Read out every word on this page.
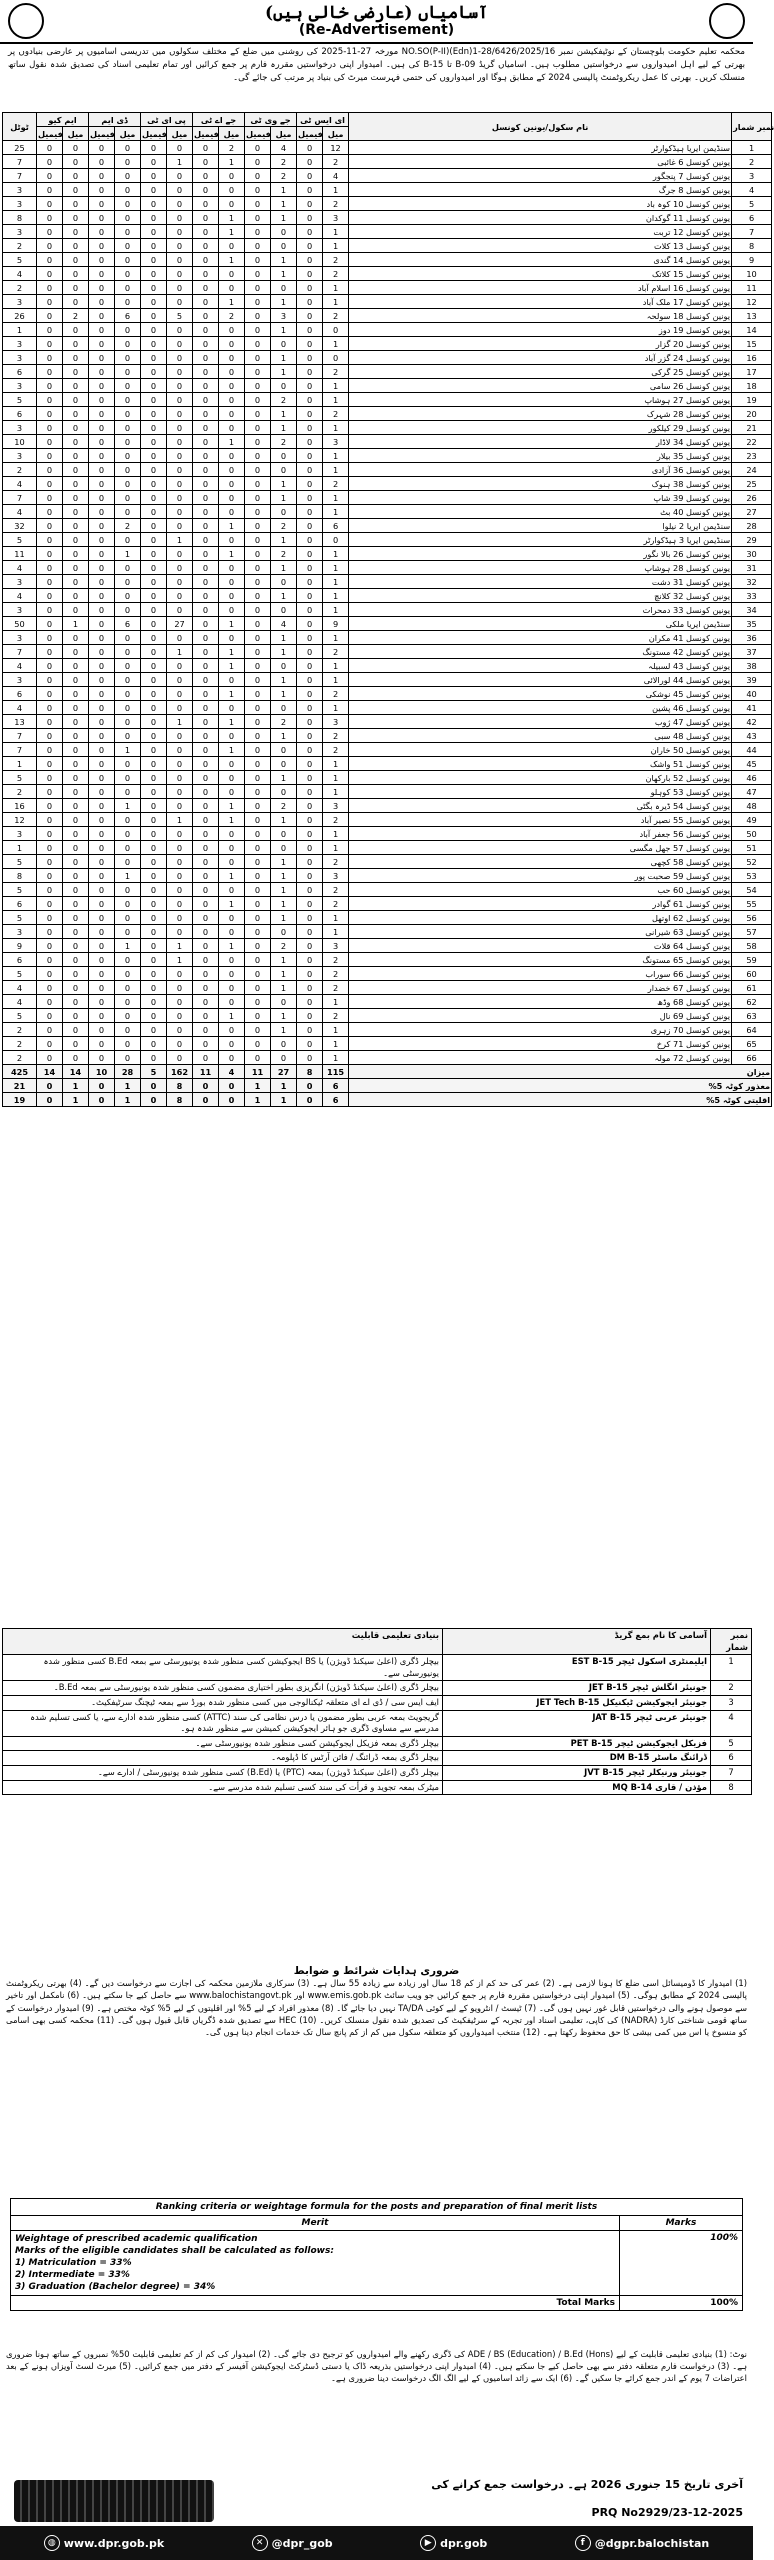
آسامیاں (عارضی خالی ہیں)
(Re-Advertisement)
محکمہ تعلیم حکومت بلوچستان کے نوٹیفکیشن نمبر 28/6426/2025/16-1(Edn)(P-II)NO.SO مورخہ 27-11-2025 کی روشنی میں ضلع کے مختلف سکولوں میں تدریسی اسامیوں پر عارضی بنیادوں پر بھرتی کے لیے اہل امیدواروں سے درخواستیں مطلوب ہیں۔ اسامیاں گریڈ B-09 تا B-15 کی ہیں۔ امیدوار اپنی درخواستیں مقررہ فارم پر جمع کرائیں اور تمام تعلیمی اسناد کی تصدیق شدہ نقول ساتھ منسلک کریں۔ بھرتی کا عمل ریکروٹمنٹ پالیسی 2024 کے مطابق ہوگا اور امیدواروں کی حتمی فہرست میرٹ کی بنیاد پر مرتب کی جائے گی۔
ٹوٹل	ایم کیو		ڈی ایم		پی ای ٹی		جے اے ٹی		جے وی ٹی		ای ایس ٹی		نام سکول/یونین کونسل	نمبر شمار
	فیمیل	میل	فیمیل	میل	فیمیل	میل	فیمیل	میل	فیمیل	میل	فیمیل	میل		
25	0	0	0	0	0	0	0	2	0	4	0	12	سنڈیمن ایریا ہیڈکوارٹر	1
7	0	0	0	0	0	1	0	1	0	2	0	2	یونین کونسل 6 غائبی	2
7	0	0	0	0	0	0	0	0	0	2	0	4	یونین کونسل 7 پنجگور	3
3	0	0	0	0	0	0	0	0	0	1	0	1	یونین کونسل 8 جرگ	4
3	0	0	0	0	0	0	0	0	0	1	0	2	یونین کونسل 10 کوہ باد	5
8	0	0	0	0	0	0	0	1	0	1	0	3	یونین کونسل 11 گوکدان	6
3	0	0	0	0	0	0	0	1	0	0	0	1	یونین کونسل 12 تربت	7
2	0	0	0	0	0	0	0	0	0	0	0	1	یونین کونسل 13 کلات	8
5	0	0	0	0	0	0	0	1	0	1	0	2	یونین کونسل 14 گندی	9
4	0	0	0	0	0	0	0	0	0	1	0	2	یونین کونسل 15 کلاتک	10
2	0	0	0	0	0	0	0	0	0	0	0	1	یونین کونسل 16 اسلام آباد	11
3	0	0	0	0	0	0	0	1	0	1	0	1	یونین کونسل 17 ملک آباد	12
26	0	2	0	6	0	5	0	2	0	3	0	2	یونین کونسل 18 سولحہ	13
1	0	0	0	0	0	0	0	0	0	1	0	0	یونین کونسل 19 دوز	14
3	0	0	0	0	0	0	0	0	0	0	0	1	یونین کونسل 20 گزار	15
3	0	0	0	0	0	0	0	0	0	1	0	0	یونین کونسل 24 گزر آباد	16
6	0	0	0	0	0	0	0	0	0	1	0	2	یونین کونسل 25 گرکی	17
3	0	0	0	0	0	0	0	0	0	0	0	1	یونین کونسل 26 سامی	18
5	0	0	0	0	0	0	0	0	0	2	0	1	یونین کونسل 27 ہوشاپ	19
6	0	0	0	0	0	0	0	0	0	1	0	2	یونین کونسل 28 شہرک	20
3	0	0	0	0	0	0	0	0	0	1	0	1	یونین کونسل 29 کیلکور	21
10	0	0	0	0	0	0	0	1	0	2	0	3	یونین کونسل 34 لاڈار	22
3	0	0	0	0	0	0	0	0	0	0	0	1	یونین کونسل 35 بیلار	23
2	0	0	0	0	0	0	0	0	0	0	0	1	یونین کونسل 36 آزادی	24
4	0	0	0	0	0	0	0	0	0	1	0	2	یونین کونسل 38 ہنوک	25
7	0	0	0	0	0	0	0	0	0	1	0	1	یونین کونسل 39 شاپ	26
4	0	0	0	0	0	0	0	0	0	0	0	1	یونین کونسل 40 بٹ	27
32	0	0	0	2	0	0	0	1	0	2	0	6	سنڈیمن ایریا 2 نیلوا	28
5	0	0	0	0	0	1	0	0	0	1	0	0	سنڈیمن ایریا 3 ہیڈکوارٹر	29
11	0	0	0	1	0	0	0	1	0	2	0	1	یونین کونسل 26 بالا نگور	30
4	0	0	0	0	0	0	0	0	0	1	0	1	یونین کونسل 28 ہوشاپ	31
3	0	0	0	0	0	0	0	0	0	0	0	1	یونین کونسل 31 دشت	32
4	0	0	0	0	0	0	0	0	0	1	0	1	یونین کونسل 32 کلانچ	33
3	0	0	0	0	0	0	0	0	0	0	0	1	یونین کونسل 33 دمحرات	34
50	0	1	0	6	0	27	0	1	0	4	0	9	سنڈیمن ایریا ملکی	35
3	0	0	0	0	0	0	0	0	0	1	0	1	یونین کونسل 41 مکران	36
7	0	0	0	0	0	1	0	1	0	1	0	2	یونین کونسل 42 مستونگ	37
4	0	0	0	0	0	0	0	1	0	0	0	1	یونین کونسل 43 لسبیلہ	38
3	0	0	0	0	0	0	0	0	0	1	0	1	یونین کونسل 44 لورالائی	39
6	0	0	0	0	0	0	0	1	0	1	0	2	یونین کونسل 45 نوشکی	40
4	0	0	0	0	0	0	0	0	0	0	0	1	یونین کونسل 46 پشین	41
13	0	0	0	0	0	1	0	1	0	2	0	3	یونین کونسل 47 ژوب	42
7	0	0	0	0	0	0	0	0	0	1	0	2	یونین کونسل 48 سبی	43
7	0	0	0	1	0	0	0	1	0	0	0	2	یونین کونسل 50 خاران	44
1	0	0	0	0	0	0	0	0	0	0	0	1	یونین کونسل 51 واشک	45
5	0	0	0	0	0	0	0	0	0	1	0	1	یونین کونسل 52 بارکھان	46
2	0	0	0	0	0	0	0	0	0	0	0	1	یونین کونسل 53 کوہلو	47
16	0	0	0	1	0	0	0	1	0	2	0	3	یونین کونسل 54 ڈیرہ بگٹی	48
12	0	0	0	0	0	1	0	1	0	1	0	2	یونین کونسل 55 نصیر آباد	49
3	0	0	0	0	0	0	0	0	0	0	0	1	یونین کونسل 56 جعفر آباد	50
1	0	0	0	0	0	0	0	0	0	0	0	1	یونین کونسل 57 جھل مگسی	51
5	0	0	0	0	0	0	0	0	0	1	0	2	یونین کونسل 58 کچھی	52
8	0	0	0	1	0	0	0	1	0	1	0	3	یونین کونسل 59 صحبت پور	53
5	0	0	0	0	0	0	0	0	0	1	0	2	یونین کونسل 60 حب	54
6	0	0	0	0	0	0	0	1	0	1	0	2	یونین کونسل 61 گوادر	55
5	0	0	0	0	0	0	0	0	0	1	0	1	یونین کونسل 62 اوتھل	56
3	0	0	0	0	0	0	0	0	0	0	0	1	یونین کونسل 63 شیرانی	57
9	0	0	0	1	0	1	0	1	0	2	0	3	یونین کونسل 64 قلات	58
6	0	0	0	0	0	1	0	0	0	1	0	2	یونین کونسل 65 مستونگ	59
5	0	0	0	0	0	0	0	0	0	1	0	2	یونین کونسل 66 سوراب	60
4	0	0	0	0	0	0	0	0	0	1	0	2	یونین کونسل 67 خضدار	61
4	0	0	0	0	0	0	0	0	0	0	0	1	یونین کونسل 68 وڈھ	62
5	0	0	0	0	0	0	0	1	0	1	0	2	یونین کونسل 69 نال	63
2	0	0	0	0	0	0	0	0	0	1	0	1	یونین کونسل 70 زہری	64
2	0	0	0	0	0	0	0	0	0	0	0	1	یونین کونسل 71 کرخ	65
2	0	0	0	0	0	0	0	0	0	0	0	1	یونین کونسل 72 مولہ	66
425	14	14	10	28	5	162	11	4	11	27	8	115	میزان	
21	0	1	0	1	0	8	0	0	1	1	0	6	معذور کوٹہ 5%	
19	0	1	0	1	0	8	0	0	1	1	0	6	اقلیتی کوٹہ 5%	
بنیادی تعلیمی قابلیت	آسامی کا نام بمع گریڈ	نمبر شمار
بیچلر ڈگری (اعلیٰ سیکنڈ ڈویژن) یا BS ایجوکیشن کسی منظور شدہ یونیورسٹی سے بمعہ B.Ed کسی منظور شدہ یونیورسٹی سے۔	ایلیمنٹری اسکول ٹیچر EST B-15	1
بیچلر ڈگری (اعلیٰ سیکنڈ ڈویژن) انگریزی بطور اختیاری مضمون کسی منظور شدہ یونیورسٹی سے بمعہ B.Ed۔	جونیئر انگلش ٹیچر JET B-15	2
ایف ایس سی / ڈی اے ای متعلقہ ٹیکنالوجی میں کسی منظور شدہ بورڈ سے بمعہ ٹیچنگ سرٹیفکیٹ۔	جونیئر ایجوکیشن ٹیکنیکل JET Tech B-15	3
گریجویٹ بمعہ عربی بطور مضمون یا درس نظامی کی سند (ATTC) کسی منظور شدہ ادارے سے، یا کسی تسلیم شدہ مدرسے سے مساوی ڈگری جو ہائر ایجوکیشن کمیشن سے منظور شدہ ہو۔	جونیئر عربی ٹیچر JAT B-15	4
بیچلر ڈگری بمعہ فزیکل ایجوکیشن کسی منظور شدہ یونیورسٹی سے۔	فزیکل ایجوکیشن ٹیچر PET B-15	5
بیچلر ڈگری بمعہ ڈرائنگ / فائن آرٹس کا ڈپلومہ۔	ڈرائنگ ماسٹر DM B-15	6
بیچلر ڈگری (اعلیٰ سیکنڈ ڈویژن) بمعہ (PTC) یا (B.Ed) کسی منظور شدہ یونیورسٹی / ادارے سے۔	جونیئر ورنیکلر ٹیچر JVT B-15	7
میٹرک بمعہ تجوید و قرأت کی سند کسی تسلیم شدہ مدرسے سے۔	مؤذن / قاری MQ B-14	8
ضروری ہدایات شرائط و ضوابط
(1) امیدوار کا ڈومیسائل اسی ضلع کا ہونا لازمی ہے۔ (2) عمر کی حد کم از کم 18 سال اور زیادہ سے زیادہ 55 سال ہے۔ (3) سرکاری ملازمین محکمہ کی اجازت سے درخواست دیں گے۔ (4) بھرتی ریکروٹمنٹ پالیسی 2024 کے مطابق ہوگی۔ (5) امیدوار اپنی درخواستیں مقررہ فارم پر جمع کرائیں جو ویب سائٹ www.emis.gob.pk اور www.balochistangovt.pk سے حاصل کیے جا سکتے ہیں۔ (6) نامکمل اور تاخیر سے موصول ہونے والی درخواستیں قابل غور نہیں ہوں گی۔ (7) ٹیسٹ / انٹرویو کے لیے کوئی TA/DA نہیں دیا جائے گا۔ (8) معذور افراد کے لیے 5% اور اقلیتوں کے لیے 5% کوٹہ مختص ہے۔ (9) امیدوار درخواست کے ساتھ قومی شناختی کارڈ (NADRA) کی کاپی، تعلیمی اسناد اور تجربہ کے سرٹیفکیٹ کی تصدیق شدہ نقول منسلک کریں۔ (10) HEC سے تصدیق شدہ ڈگریاں قابل قبول ہوں گی۔ (11) محکمہ کسی بھی اسامی کو منسوخ یا اس میں کمی بیشی کا حق محفوظ رکھتا ہے۔ (12) منتخب امیدواروں کو متعلقہ سکول میں کم از کم پانچ سال تک خدمات انجام دینا ہوں گی۔
Ranking criteria or weightage formula for the posts and preparation of final merit lists
Merit	Marks
Weightage of prescribed academic qualification
Marks of the eligible candidates shall be calculated as follows:
1) Matriculation = 33%
2) Intermediate = 33%
3) Graduation (Bachelor degree) = 34%
100%
Total Marks	100%
نوٹ: (1) بنیادی تعلیمی قابلیت کے لیے ADE / BS (Education) / B.Ed (Hons) کی ڈگری رکھنے والے امیدواروں کو ترجیح دی جائے گی۔ (2) امیدوار کی کم از کم تعلیمی قابلیت 50% نمبروں کے ساتھ ہونا ضروری ہے۔ (3) درخواست فارم متعلقہ دفتر سے بھی حاصل کیے جا سکتے ہیں۔ (4) امیدوار اپنی درخواستیں بذریعہ ڈاک یا دستی ڈسٹرکٹ ایجوکیشن آفیسر کے دفتر میں جمع کرائیں۔ (5) میرٹ لسٹ آویزاں ہونے کے بعد اعتراضات 7 یوم کے اندر جمع کرائے جا سکیں گے۔ (6) ایک سے زائد اسامیوں کے لیے الگ الگ درخواست دینا ضروری ہے۔
آخری تاریخ 15 جنوری 2026 ہے۔ درخواست جمع کرانے کی
PRQ No2929/23-12-2025
◍ www.dpr.gob.pk	✕ @dpr_gob	▶ dpr.gob	f @dgpr.balochistan
